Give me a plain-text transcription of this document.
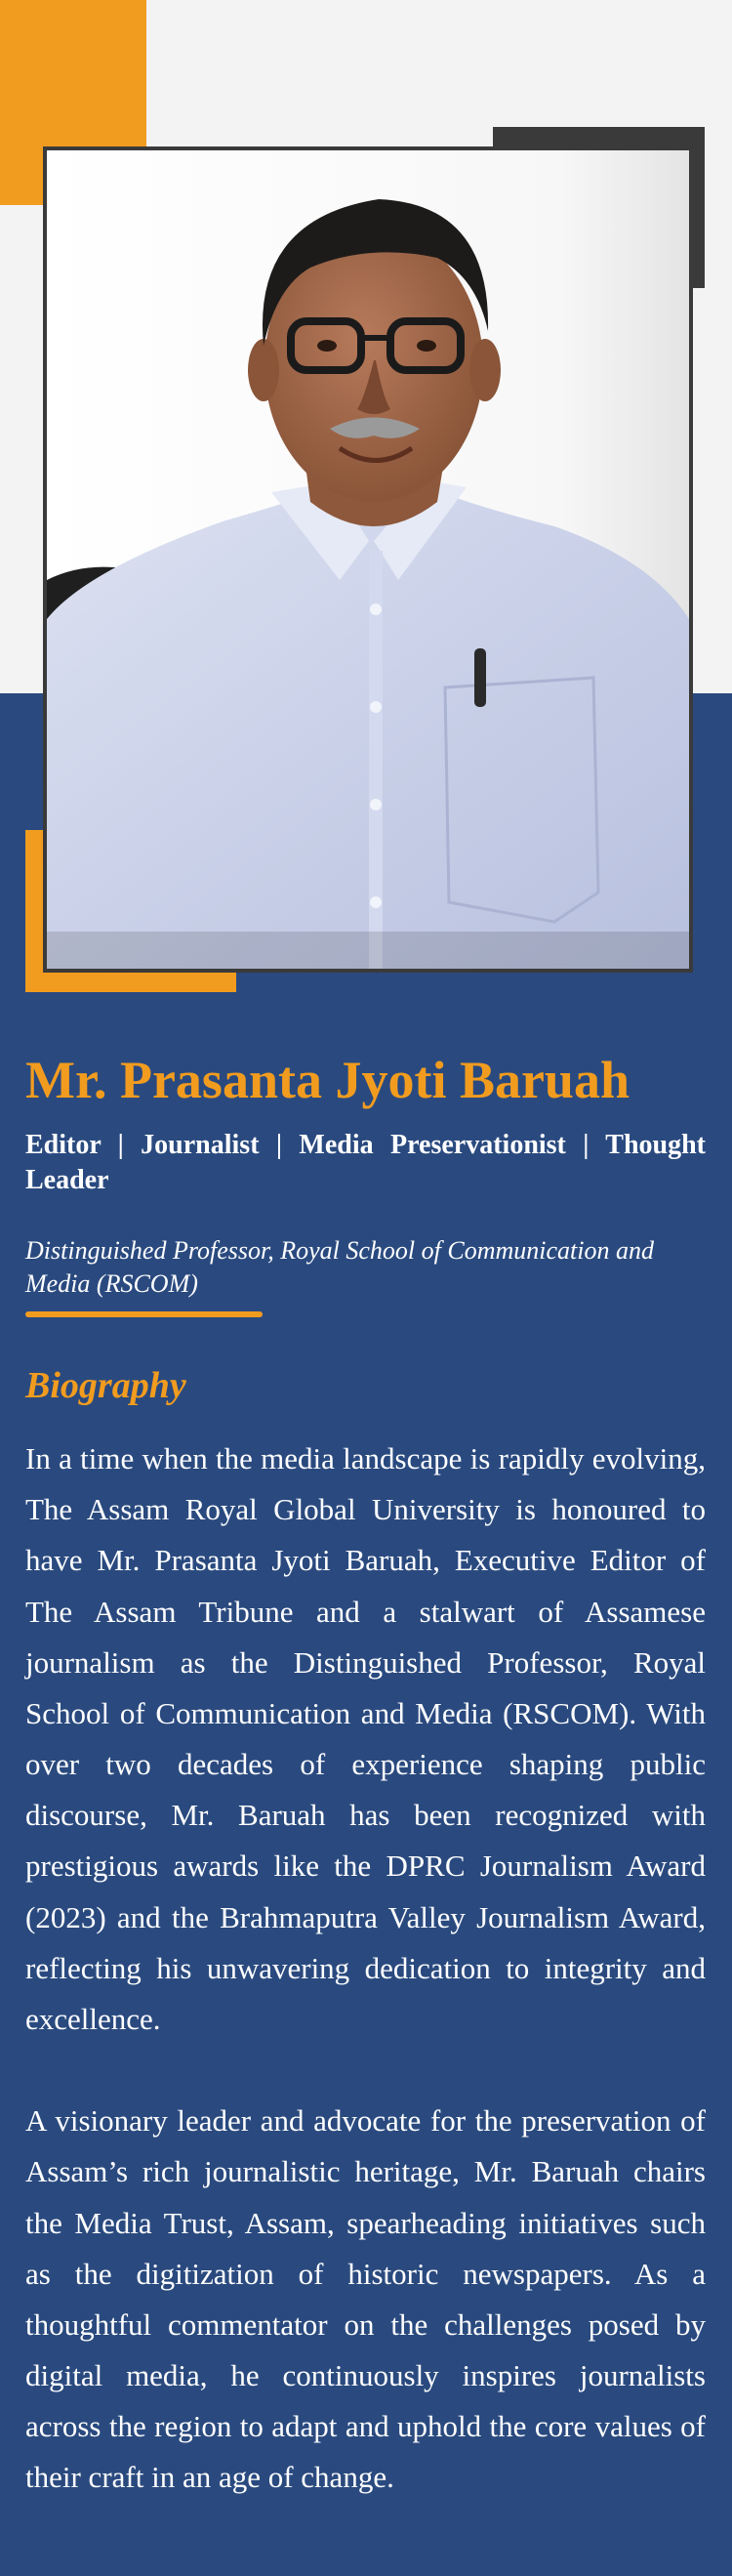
Mr. Prasanta Jyoti Baruah

Editor | Journalist | Media Preservationist | Thought Leader

Distinguished Professor, Royal School of Communication and Media (RSCOM)

Biography

In a time when the media landscape is rapidly evolving, The Assam Royal Global University is honoured to have Mr. Prasanta Jyoti Baruah, Executive Editor of The Assam Tribune and a stalwart of Assamese journalism as the Distinguished Professor, Royal School of Communication and Media (RSCOM). With over two decades of experience shaping public discourse, Mr. Baruah has been recognized with prestigious awards like the DPRC Journalism Award (2023) and the Brahmaputra Valley Journalism Award, reflecting his unwavering dedication to integrity and excellence.

A visionary leader and advocate for the preservation of Assam’s rich journalistic heritage, Mr. Baruah chairs the Media Trust, Assam, spearheading initiatives such as the digitization of historic newspapers. As a thoughtful commentator on the challenges posed by digital media, he continuously inspires journalists across the region to adapt and uphold the core values of their craft in an age of change.
